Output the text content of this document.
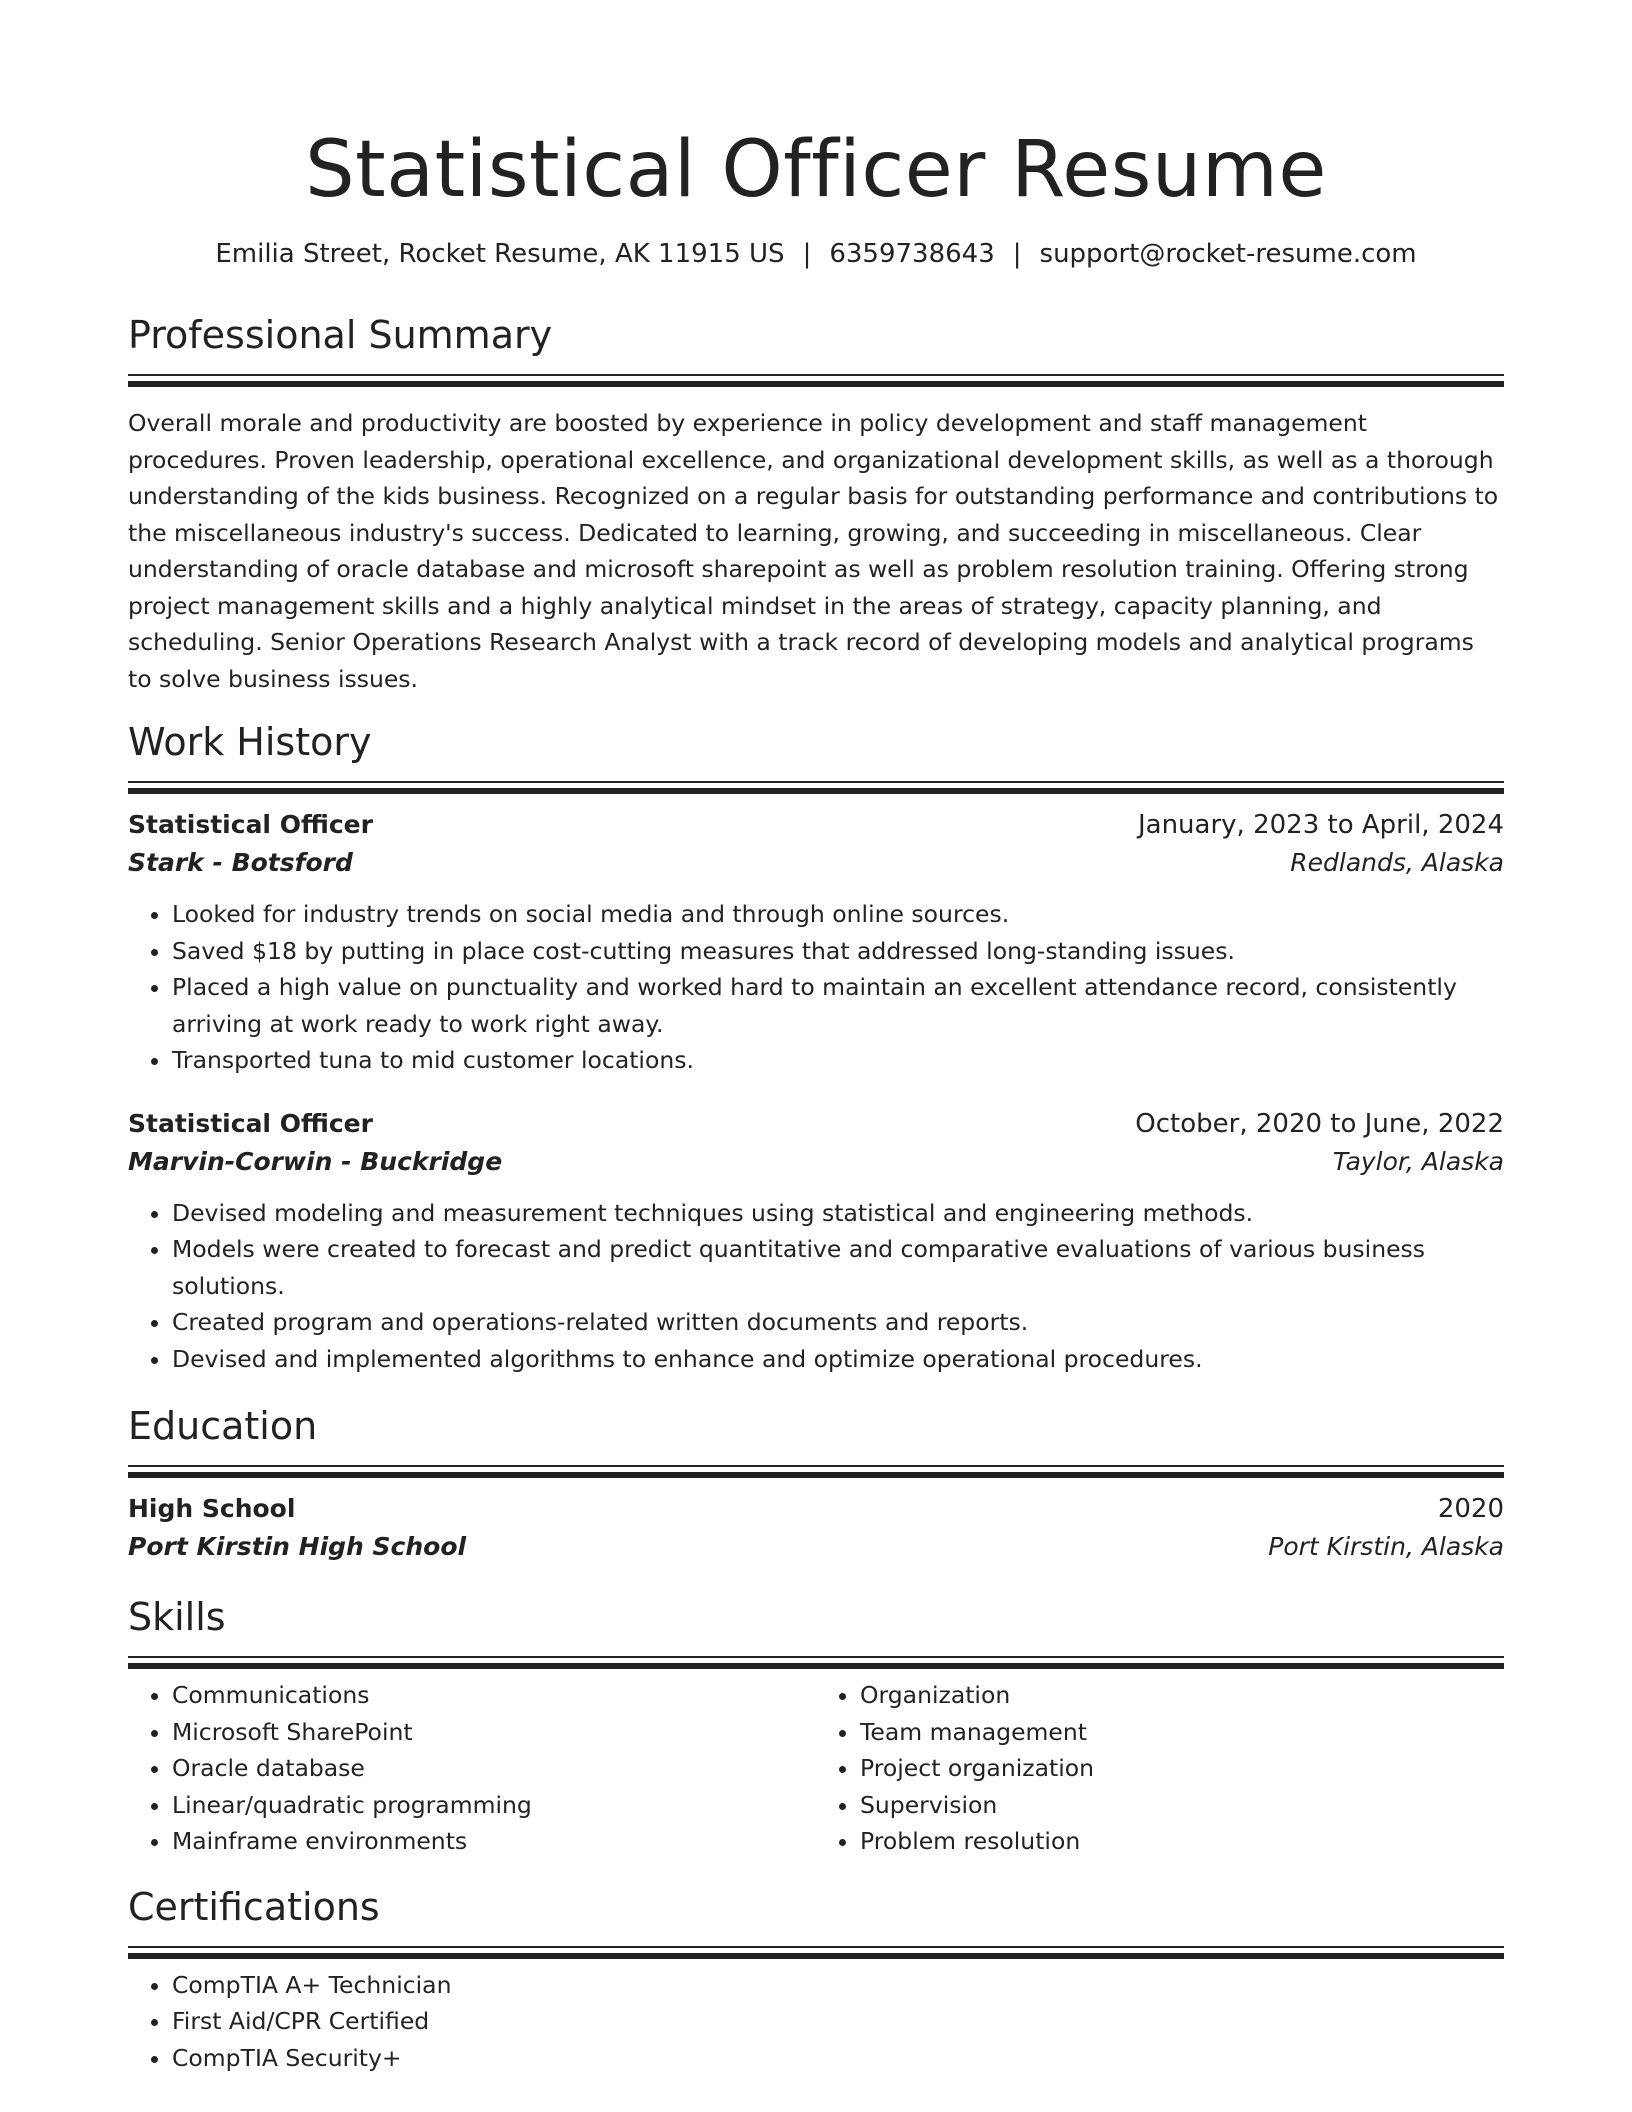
Statistical Officer Resume
Emilia Street, Rocket Resume, AK 11915 US | 6359738643 | support@rocket-resume.com
Professional Summary
Overall morale and productivity are boosted by experience in policy development and staff management procedures. Proven leadership, operational excellence, and organizational development skills, as well as a thorough understanding of the kids business. Recognized on a regular basis for outstanding performance and contributions to the miscellaneous industry's success. Dedicated to learning, growing, and succeeding in miscellaneous. Clear understanding of oracle database and microsoft sharepoint as well as problem resolution training. Offering strong project management skills and a highly analytical mindset in the areas of strategy, capacity planning, and scheduling. Senior Operations Research Analyst with a track record of developing models and analytical programs to solve business issues.
Work History
Statistical Officer	January, 2023 to April, 2024
Stark - Botsford	Redlands, Alaska
• Looked for industry trends on social media and through online sources.
• Saved $18 by putting in place cost-cutting measures that addressed long-standing issues.
• Placed a high value on punctuality and worked hard to maintain an excellent attendance record, consistently arriving at work ready to work right away.
• Transported tuna to mid customer locations.
Statistical Officer	October, 2020 to June, 2022
Marvin-Corwin - Buckridge	Taylor, Alaska
• Devised modeling and measurement techniques using statistical and engineering methods.
• Models were created to forecast and predict quantitative and comparative evaluations of various business solutions.
• Created program and operations-related written documents and reports.
• Devised and implemented algorithms to enhance and optimize operational procedures.
Education
High School	2020
Port Kirstin High School	Port Kirstin, Alaska
Skills
• Communications
• Microsoft SharePoint
• Oracle database
• Linear/quadratic programming
• Mainframe environments
• Organization
• Team management
• Project organization
• Supervision
• Problem resolution
Certifications
• CompTIA A+ Technician
• First Aid/CPR Certified
• CompTIA Security+
